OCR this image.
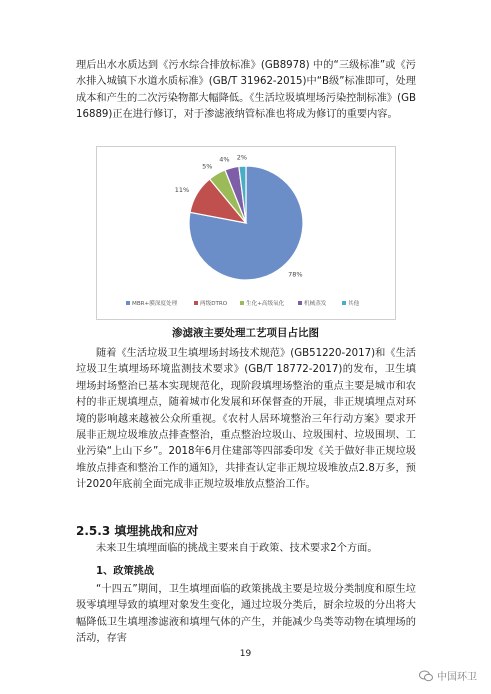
理后出水水质达到《污水综合排放标准》(GB8978) 中的“三级标准”或《污水排入城镇下水道水质标准》(GB/T 31962-2015)中“B级”标准即可，处理成本和产生的二次污染物都大幅降低。《生活垃圾填埋场污染控制标准》(GB 16889)正在进行修订，对于渗滤液纳管标准也将成为修订的重要内容。
78%
11%
5%
4% 2%
MBR+膜深度处理	两级DTRO	生化+高级氧化	机械蒸发	其他
渗滤液主要处理工艺项目占比图
随着《生活垃圾卫生填埋场封场技术规范》(GB51220-2017)和《生活垃圾卫生填埋场环境监测技术要求》(GB/T 18772-2017)的发布，卫生填埋场封场整治已基本实现规范化，现阶段填埋场整治的重点主要是城市和农村的非正规填埋点，随着城市化发展和环保督查的开展，非正规填埋点对环境的影响越来越被公众所重视。《农村人居环境整治三年行动方案》要求开展非正规垃圾堆放点排查整治，重点整治垃圾山、垃圾围村、垃圾围坝、工业污染“上山下乡”。2018年6月住建部等四部委印发《关于做好非正规垃圾堆放点排查和整治工作的通知》，共排查认定非正规垃圾堆放点2.8万多，预计2020年底前全面完成非正规垃圾堆放点整治工作。
2.5.3 填埋挑战和应对
未来卫生填埋面临的挑战主要来自于政策、技术要求2个方面。
1、政策挑战
“十四五”期间，卫生填埋面临的政策挑战主要是垃圾分类制度和原生垃圾零填埋导致的填埋对象发生变化，通过垃圾分类后，厨余垃圾的分出将大幅降低卫生填埋渗滤液和填埋气体的产生，并能减少鸟类等动物在填埋场的活动，存害
19
中国环卫
